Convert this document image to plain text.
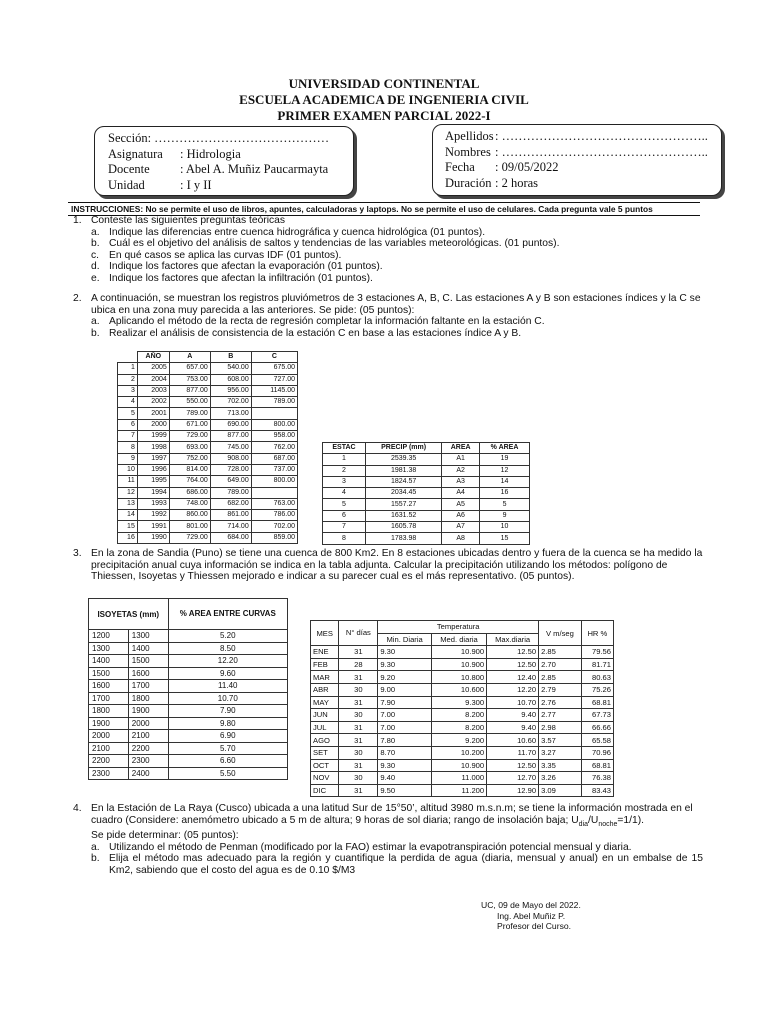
UNIVERSIDAD CONTINENTAL
ESCUELA ACADEMICA DE INGENIERIA CIVIL
PRIMER EXAMEN PARCIAL 2022-I
Sección: ……………………………………
Asignatura : Hidrologia
Docente : Abel A. Muñiz Paucarmayta
Unidad	: I y II
Apellidos: …………………………………………..
Nombres : …………………………………………..
Fecha : 09/05/2022
Duración : 2 horas
INSTRUCCIONES: No se permite el uso de libros, apuntes, calculadoras y laptops. No se permite el uso de celulares. Cada pregunta vale 5 puntos
1. Conteste las siguientes preguntas teóricas
a. Indique las diferencias entre cuenca hidrográfica y cuenca hidrológica (01 puntos).
b. Cuál es el objetivo del análisis de saltos y tendencias de las variables meteorológicas. (01 puntos).
c. En qué casos se aplica las curvas IDF (01 puntos).
d. Indique los factores que afectan la evaporación (01 puntos).
e. Indique los factores que afectan la infiltración (01 puntos).
2. A continuación, se muestran los registros pluviómetros de 3 estaciones A, B, C. Las estaciones A y B son estaciones índices y la C se ubica en una zona muy parecida a las anteriores. Se pide: (05 puntos):
a. Aplicando el método de la recta de regresión completar la información faltante en la estación C.
b. Realizar el análisis de consistencia de la estación C en base a las estaciones índice A y B.
	AÑO	A	B	C
1	2005	657.00	540.00	675.00
2	2004	753.00	608.00	727.00
3	2003	877.00	956.00	1145.00
4	2002	550.00	702.00	789.00
5	2001	789.00	713.00	
6	2000	671.00	690.00	800.00
7	1999	729.00	877.00	958.00
8	1998	693.00	745.00	762.00
9	1997	752.00	908.00	687.00
10	1996	814.00	728.00	737.00
11	1995	764.00	649.00	800.00
12	1994	686.00	789.00	
13	1993	748.00	682.00	763.00
14	1992	860.00	861.00	786.00
15	1991	801.00	714.00	702.00
16	1990	729.00	684.00	859.00
ESTAC	PRECIP (mm)	AREA	% AREA
1	2539.35	A1	19
2	1981.38	A2	12
3	1824.57	A3	14
4	2034.45	A4	16
5	1557.27	A5	5
6	1631.52	A6	9
7	1605.78	A7	10
8	1783.98	A8	15
3. En la zona de Sandia (Puno) se tiene una cuenca de 800 Km2. En 8 estaciones ubicadas dentro y fuera de la cuenca se ha medido la precipitación anual cuya información se indica en la tabla adjunta. Calcular la precipitación utilizando los métodos: polígono de Thiessen, Isoyetas y Thiessen mejorado e indicar a su parecer cual es el más representativo. (05 puntos).
ISOYETAS (mm)		% AREA ENTRE CURVAS
1200	1300	5.20
1300	1400	8.50
1400	1500	12.20
1500	1600	9.60
1600	1700	11.40
1700	1800	10.70
1800	1900	7.90
1900	2000	9.80
2000	2100	6.90
2100	2200	5.70
2200	2300	6.60
2300	2400	5.50
MES	N° días	Temperatura			V m/seg	HR %
		Min. Diaria	Med. diaria	Max.diaria		
ENE	31	9.30	10.900	12.50	2.85	79.56
FEB	28	9.30	10.900	12.50	2.70	81.71
MAR	31	9.20	10.800	12.40	2.85	80.63
ABR	30	9.00	10.600	12.20	2.79	75.26
MAY	31	7.90	9.300	10.70	2.76	68.81
JUN	30	7.00	8.200	9.40	2.77	67.73
JUL	31	7.00	8.200	9.40	2.98	66.66
AGO	31	7.80	9.200	10.60	3.57	65.58
SET	30	8.70	10.200	11.70	3.27	70.96
OCT	31	9.30	10.900	12.50	3.35	68.81
NOV	30	9.40	11.000	12.70	3.26	76.38
DIC	31	9.50	11.200	12.90	3.09	83.43
4. En la Estación de La Raya (Cusco) ubicada a una latitud Sur de 15°50’, altitud 3980 m.s.n.m; se tiene la información mostrada en el cuadro (Considere: anemómetro ubicado a 5 m de altura; 9 horas de sol diaria; rango de insolación baja; $U_{dia}/U_{noche}=1/1$).
Se pide determinar: (05 puntos):
a. Utilizando el método de Penman (modificado por la FAO) estimar la evapotranspiración potencial mensual y diaria.
b. Elija el método mas adecuado para la región y cuantifique la perdida de agua (diaria, mensual y anual) en un embalse de 15 Km2, sabiendo que el costo del agua es de 0.10 $/M3
UC, 09 de Mayo del 2022.
Ing. Abel Muñiz P.
Profesor del Curso.
